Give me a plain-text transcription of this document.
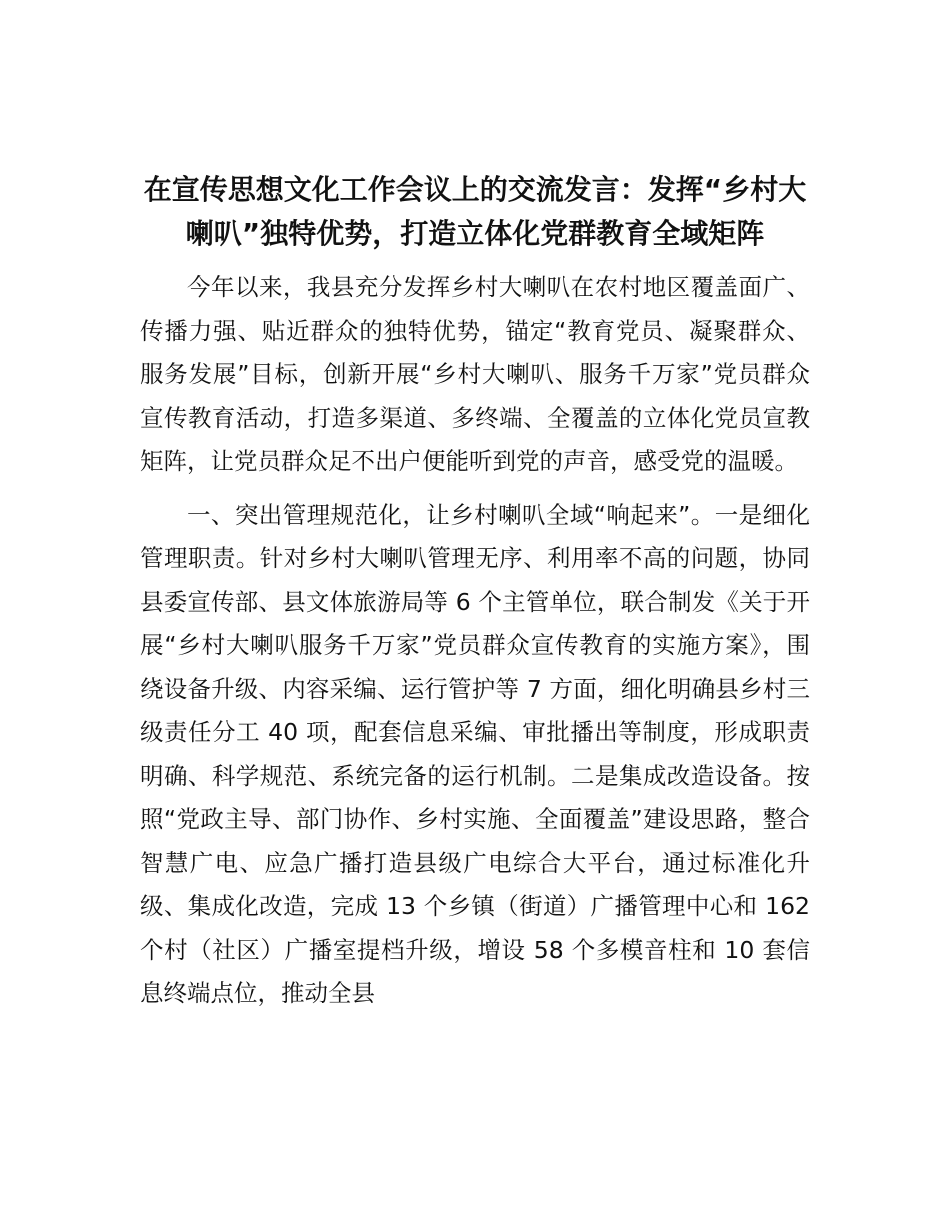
在宣传思想文化工作会议上的交流发言：发挥“乡村大喇叭”独特优势，打造立体化党群教育全域矩阵

今年以来，我县充分发挥乡村大喇叭在农村地区覆盖面广、传播力强、贴近群众的独特优势，锚定“教育党员、凝聚群众、服务发展”目标，创新开展“乡村大喇叭、服务千万家”党员群众宣传教育活动，打造多渠道、多终端、全覆盖的立体化党员宣教矩阵，让党员群众足不出户便能听到党的声音，感受党的温暖。

一、突出管理规范化，让乡村喇叭全域“响起来”。一是细化管理职责。针对乡村大喇叭管理无序、利用率不高的问题，协同县委宣传部、县文体旅游局等 6 个主管单位，联合制发《关于开展“乡村大喇叭服务千万家”党员群众宣传教育的实施方案》，围绕设备升级、内容采编、运行管护等 7 方面，细化明确县乡村三级责任分工 40 项，配套信息采编、审批播出等制度，形成职责明确、科学规范、系统完备的运行机制。二是集成改造设备。按照“党政主导、部门协作、乡村实施、全面覆盖”建设思路，整合智慧广电、应急广播打造县级广电综合大平台，通过标准化升级、集成化改造，完成 13 个乡镇（街道）广播管理中心和 162 个村（社区）广播室提档升级，增设 58 个多模音柱和 10 套信息终端点位，推动全县
